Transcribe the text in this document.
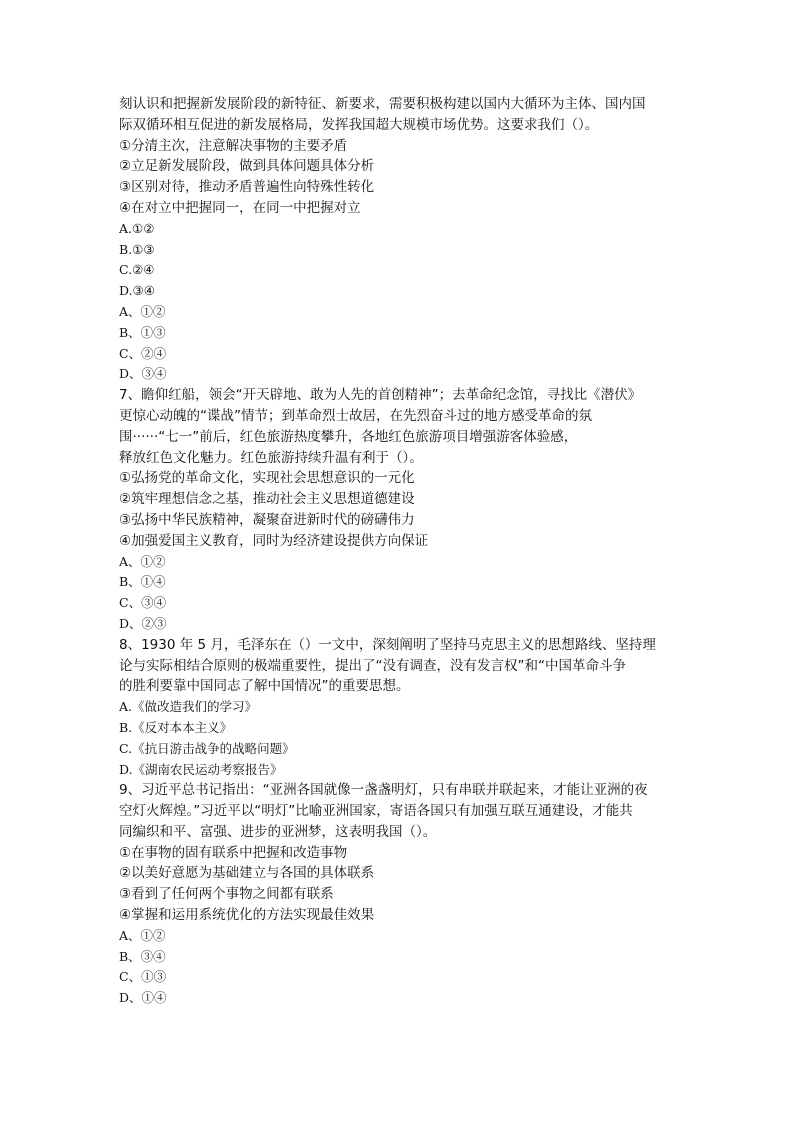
刻认识和把握新发展阶段的新特征、新要求，需要积极构建以国内大循环为主体、国内国
际双循环相互促进的新发展格局，发挥我国超大规模市场优势。这要求我们（）。
①分清主次，注意解决事物的主要矛盾
②立足新发展阶段，做到具体问题具体分析
③区别对待，推动矛盾普遍性向特殊性转化
④在对立中把握同一，在同一中把握对立
A.①②
B.①③
C.②④
D.③④
A、①②
B、①③
C、②④
D、③④
7、瞻仰红船，领会“开天辟地、敢为人先的首创精神”；去革命纪念馆，寻找比《潜伏》
更惊心动魄的“谍战”情节；到革命烈士故居，在先烈奋斗过的地方感受革命的氛
围······“七一”前后，红色旅游热度攀升，各地红色旅游项目增强游客体验感，
释放红色文化魅力。红色旅游持续升温有利于（）。
①弘扬党的革命文化，实现社会思想意识的一元化
②筑牢理想信念之基，推动社会主义思想道德建设
③弘扬中华民族精神，凝聚奋进新时代的磅礴伟力
④加强爱国主义教育，同时为经济建设提供方向保证
A、①②
B、①④
C、③④
D、②③
8、1930 年 5 月，毛泽东在（）一文中，深刻阐明了坚持马克思主义的思想路线、坚持理
论与实际相结合原则的极端重要性，提出了“没有调查，没有发言权”和“中国革命斗争
的胜利要靠中国同志了解中国情况”的重要思想。
A.《做改造我们的学习》
B.《反对本本主义》
C.《抗日游击战争的战略问题》
D.《湖南农民运动考察报告》
9、习近平总书记指出：“亚洲各国就像一盏盏明灯，只有串联并联起来，才能让亚洲的夜
空灯火辉煌。”习近平以“明灯”比喻亚洲国家，寄语各国只有加强互联互通建设，才能共
同编织和平、富强、进步的亚洲梦，这表明我国（）。
①在事物的固有联系中把握和改造事物
②以美好意愿为基础建立与各国的具体联系
③看到了任何两个事物之间都有联系
④掌握和运用系统优化的方法实现最佳效果
A、①②
B、③④
C、①③
D、①④
